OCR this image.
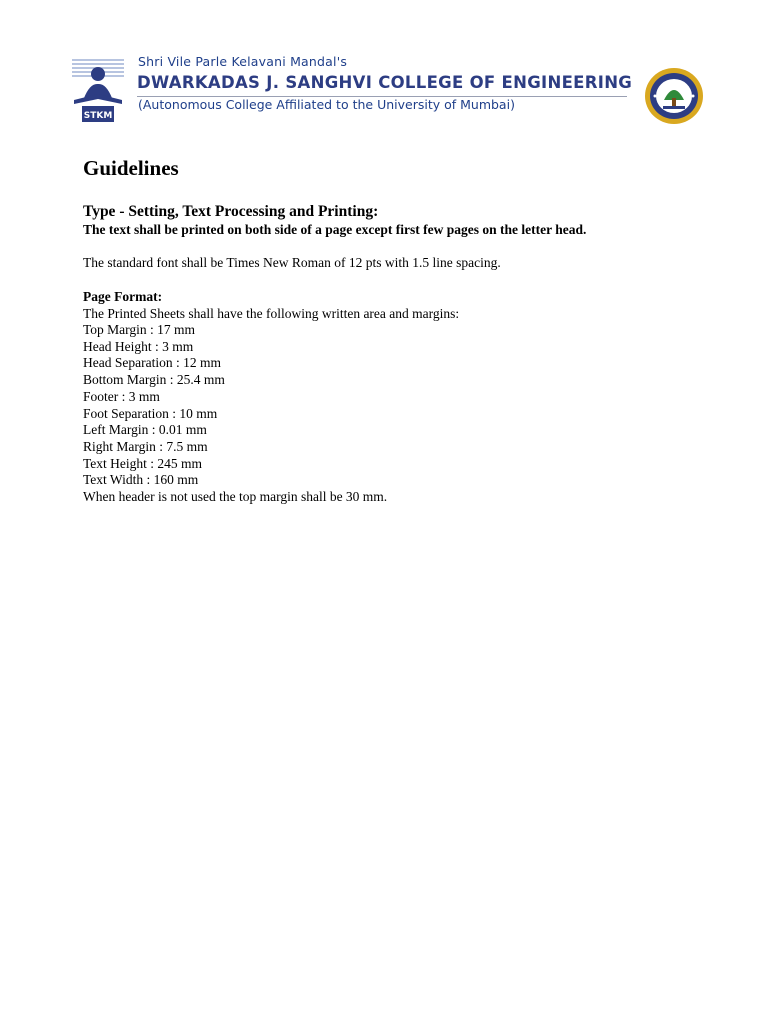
STKM
Shri Vile Parle Kelavani Mandal's
DWARKADAS J. SANGHVI COLLEGE OF ENGINEERING
(Autonomous College Affiliated to the University of Mumbai)
Guidelines
Type - Setting, Text Processing and Printing:

The text shall be printed on both side of a page except first few pages on the letter head.

The standard font shall be Times New Roman of 12 pts with 1.5 line spacing.

Page Format:

The Printed Sheets shall have the following written area and margins:

Top Margin : 17 mm
Head Height : 3 mm
Head Separation : 12 mm
Bottom Margin : 25.4 mm
Footer : 3 mm
Foot Separation : 10 mm
Left Margin : 0.01 mm
Right Margin : 7.5 mm
Text Height : 245 mm
Text Width : 160 mm
When header is not used the top margin shall be 30 mm.
